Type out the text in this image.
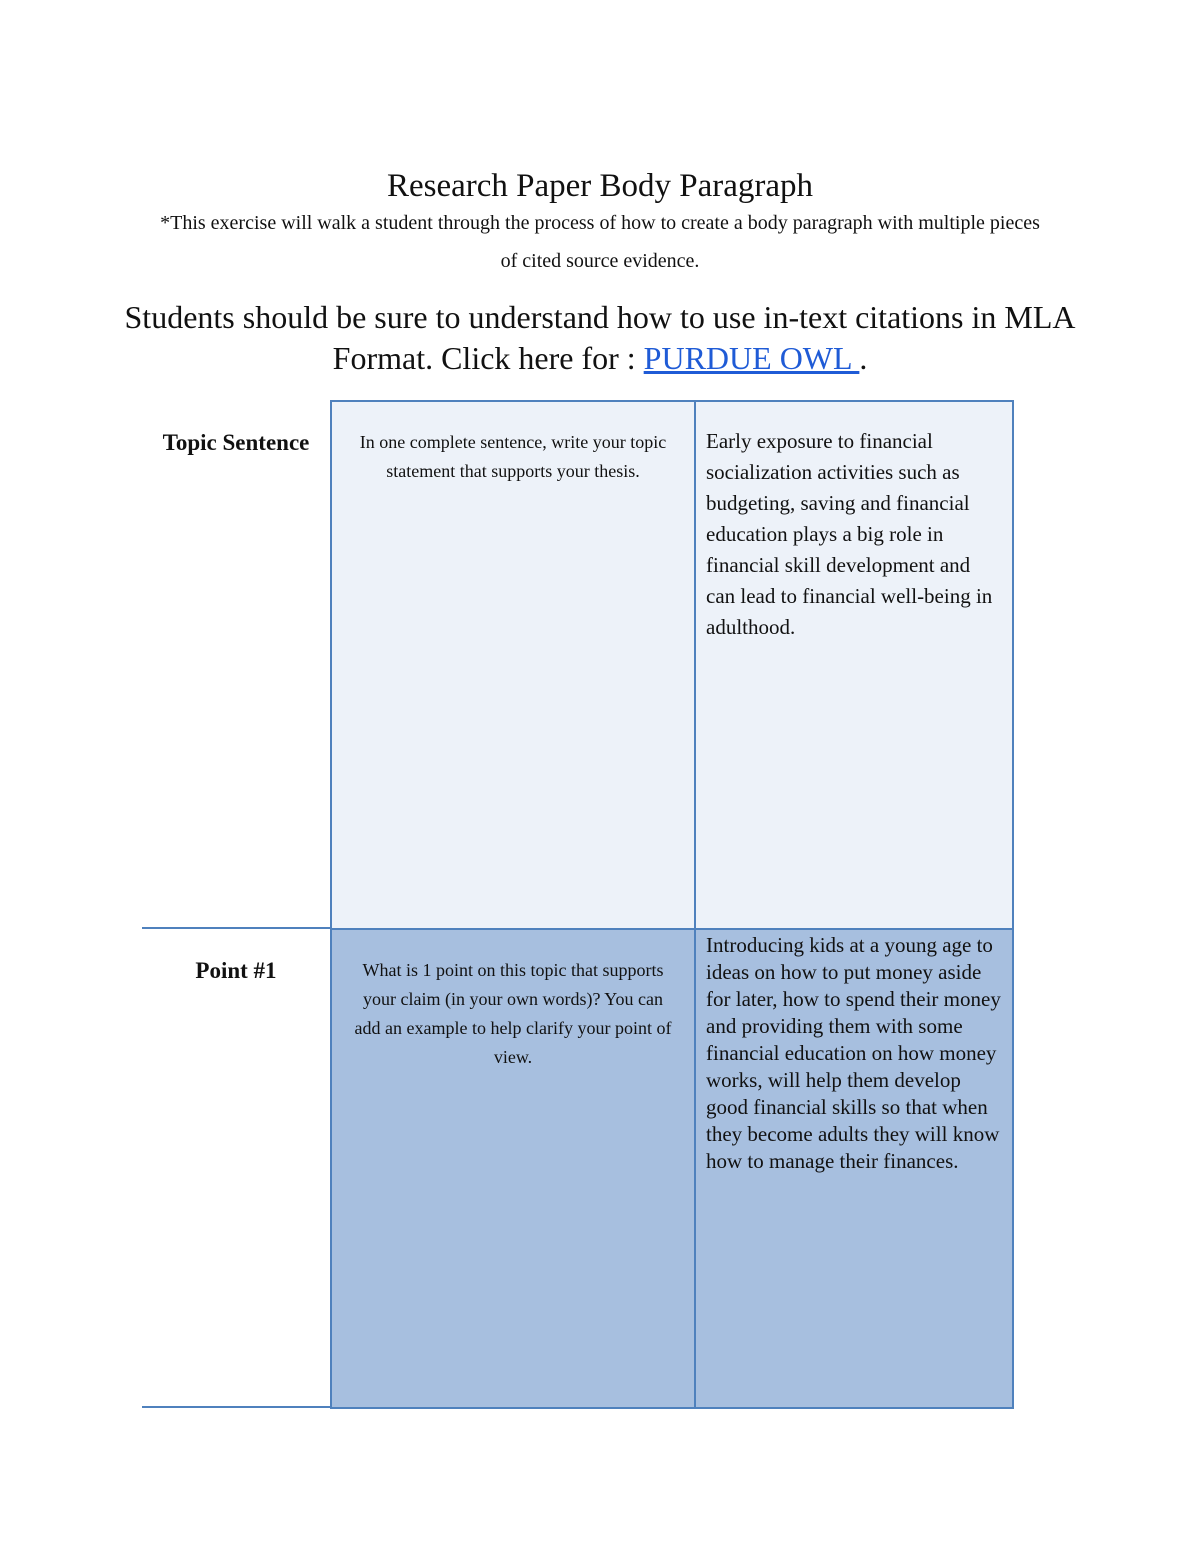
Research Paper Body Paragraph
*This exercise will walk a student through the process of how to create a body paragraph with multiple pieces of cited source evidence.
Students should be sure to understand how to use in-text citations in MLA Format. Click here for : PURDUE OWL .
Topic Sentence	In one complete sentence, write your topic statement that supports your thesis.
Early exposure to financial socialization activities such as budgeting, saving and financial education plays a big role in financial skill development and can lead to financial well-being in adulthood.
Point #1	What is 1 point on this topic that supports your claim (in your own words)? You can add an example to help clarify your point of view.
Introducing kids at a young age to ideas on how to put money aside for later, how to spend their money and providing them with some financial education on how money works, will help them develop good financial skills so that when they become adults they will know how to manage their finances.
